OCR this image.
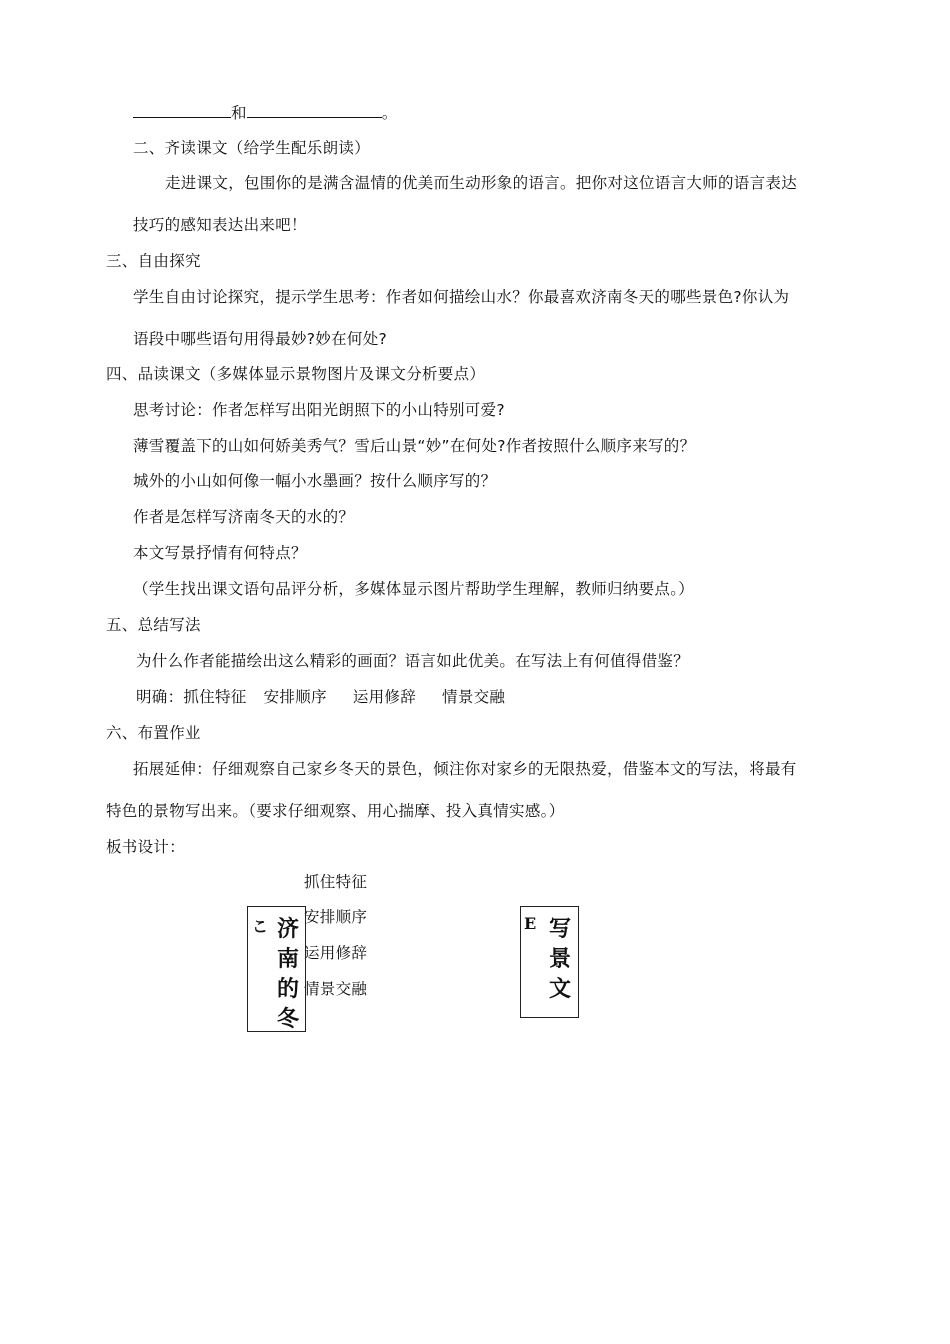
和	。
二、齐读课文（给学生配乐朗读）
走进课文，包围你的是满含温情的优美而生动形象的语言。把你对这位语言大师的语言表达
技巧的感知表达出来吧！
三、自由探究
学生自由讨论探究，提示学生思考：作者如何描绘山水？你最喜欢济南冬天的哪些景色?你认为
语段中哪些语句用得最妙?妙在何处?
四、品读课文（多媒体显示景物图片及课文分析要点）
思考讨论：作者怎样写出阳光朗照下的小山特别可爱?
薄雪覆盖下的山如何娇美秀气？雪后山景“妙”在何处?作者按照什么顺序来写的？
城外的小山如何像一幅小水墨画？按什么顺序写的？
作者是怎样写济南冬天的水的？
本文写景抒情有何特点？
（学生找出课文语句品评分析，多媒体显示图片帮助学生理解，教师归纳要点。）
五、总结写法
为什么作者能描绘出这么精彩的画面？语言如此优美。在写法上有何值得借鉴？
明确：抓住特征 安排顺序 运用修辞 情景交融
六、布置作业
拓展延伸：仔细观察自己家乡冬天的景色，倾注你对家乡的无限热爱，借鉴本文的写法，将最有
特色的景物写出来。（要求仔细观察、用心揣摩、投入真情实感。）
板书设计：
抓住特征
安排顺序
运用修辞
情景交融
こ 济南的冬
E 写景文
